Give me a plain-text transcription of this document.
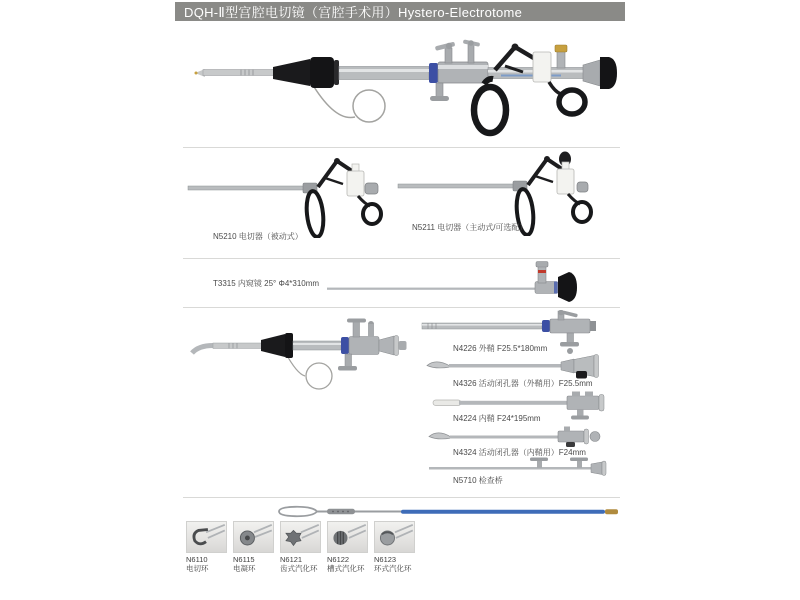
DQH-Ⅱ型宫腔电切镜（宫腔手术用）Hystero-Electrotome
N5210 电切器（被动式）
N5211 电切器（主动式/可选配）
T3315 内窥镜 25° Φ4*310mm
N4226 外鞘 F25.5*180mm
N4326 活动闭孔器（外鞘用）F25.5mm
N4224 内鞘 F24*195mm
N4324 活动闭孔器（内鞘用）F24mm
N5710 检查桥
N6110
电切环
N6115
电凝环
N6121
齿式汽化环
N6122
槽式汽化环
N6123
环式汽化环
